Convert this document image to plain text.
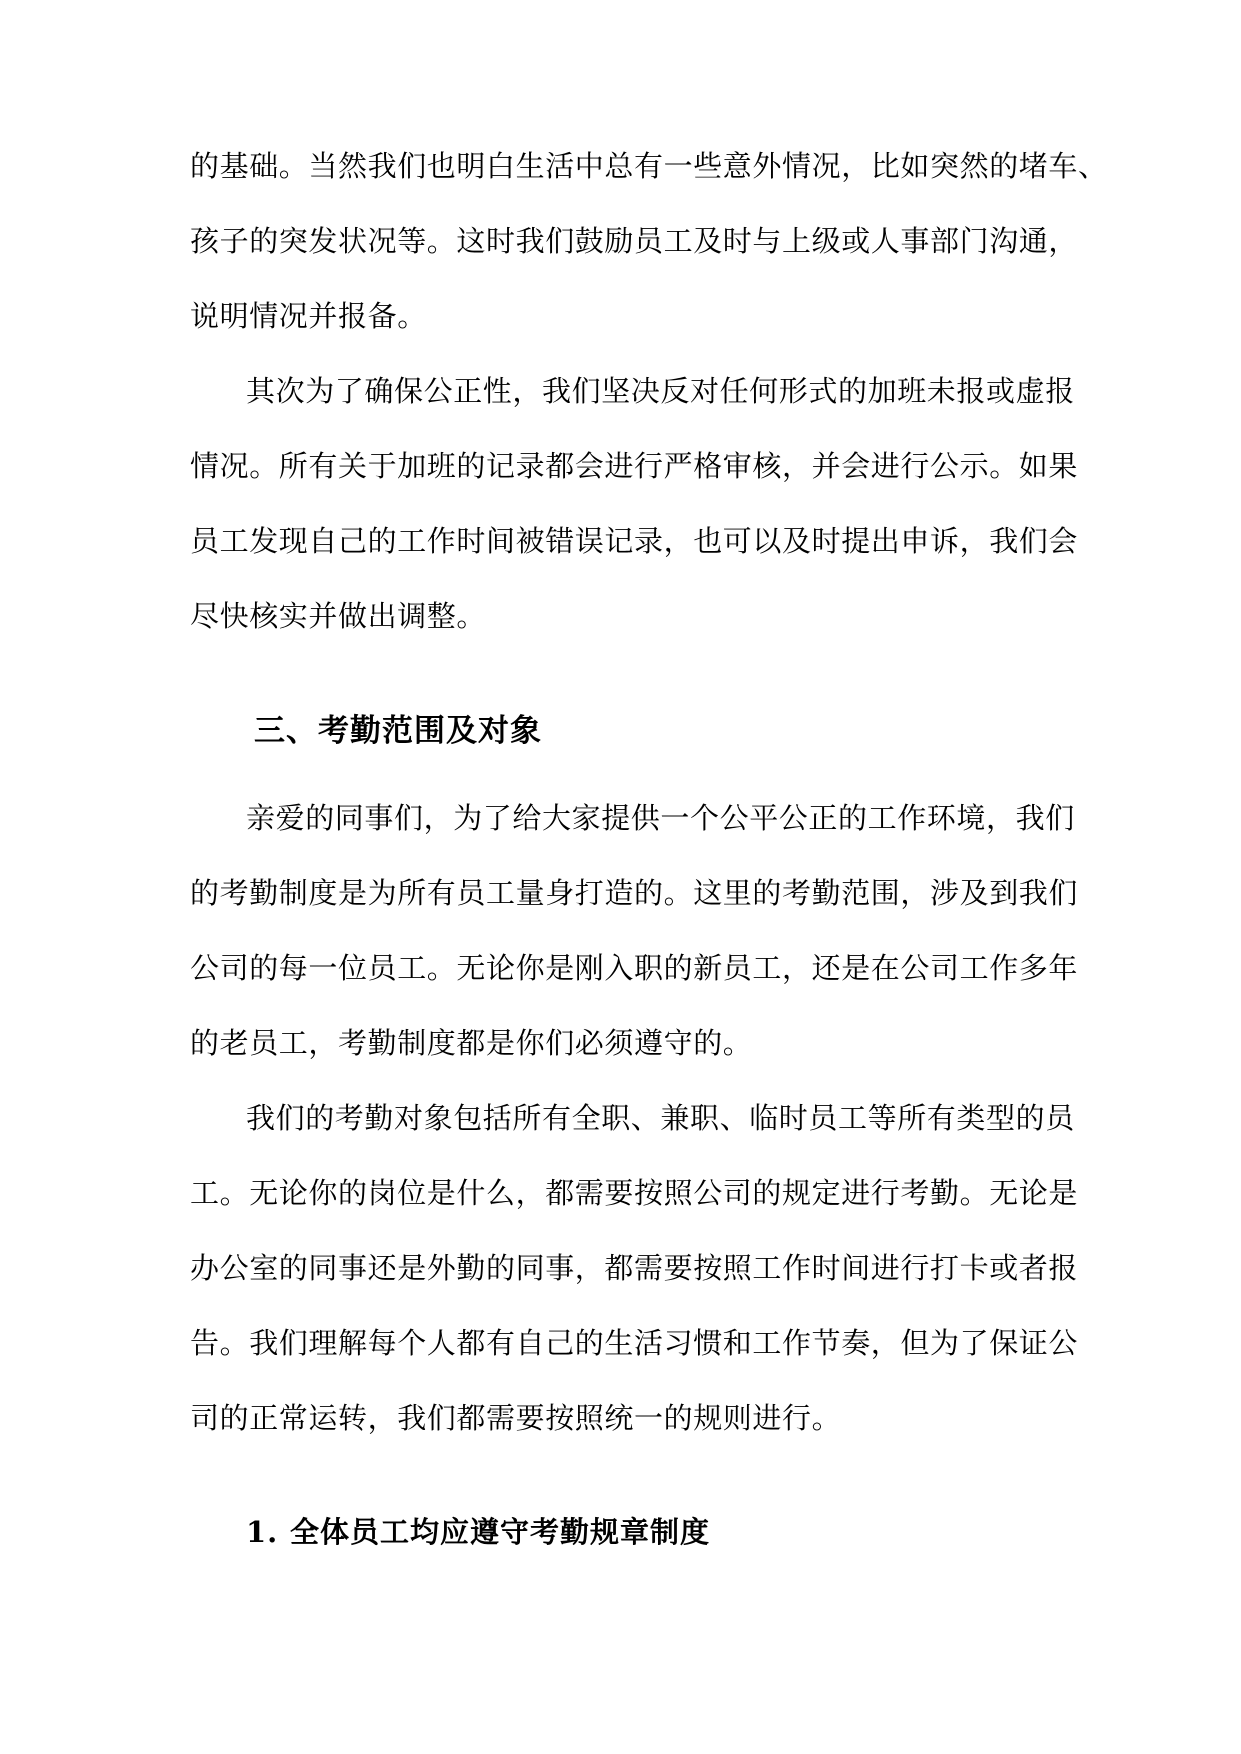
的基础。当然我们也明白生活中总有一些意外情况，比如突然的堵车、
孩子的突发状况等。这时我们鼓励员工及时与上级或人事部门沟通，
说明情况并报备。
其次为了确保公正性，我们坚决反对任何形式的加班未报或虚报
情况。所有关于加班的记录都会进行严格审核，并会进行公示。如果
员工发现自己的工作时间被错误记录，也可以及时提出申诉，我们会
尽快核实并做出调整。
三、考勤范围及对象
亲爱的同事们，为了给大家提供一个公平公正的工作环境，我们
的考勤制度是为所有员工量身打造的。这里的考勤范围，涉及到我们
公司的每一位员工。无论你是刚入职的新员工，还是在公司工作多年
的老员工，考勤制度都是你们必须遵守的。
我们的考勤对象包括所有全职、兼职、临时员工等所有类型的员
工。无论你的岗位是什么，都需要按照公司的规定进行考勤。无论是
办公室的同事还是外勤的同事，都需要按照工作时间进行打卡或者报
告。我们理解每个人都有自己的生活习惯和工作节奏，但为了保证公
司的正常运转，我们都需要按照统一的规则进行。
1. 全体员工均应遵守考勤规章制度
